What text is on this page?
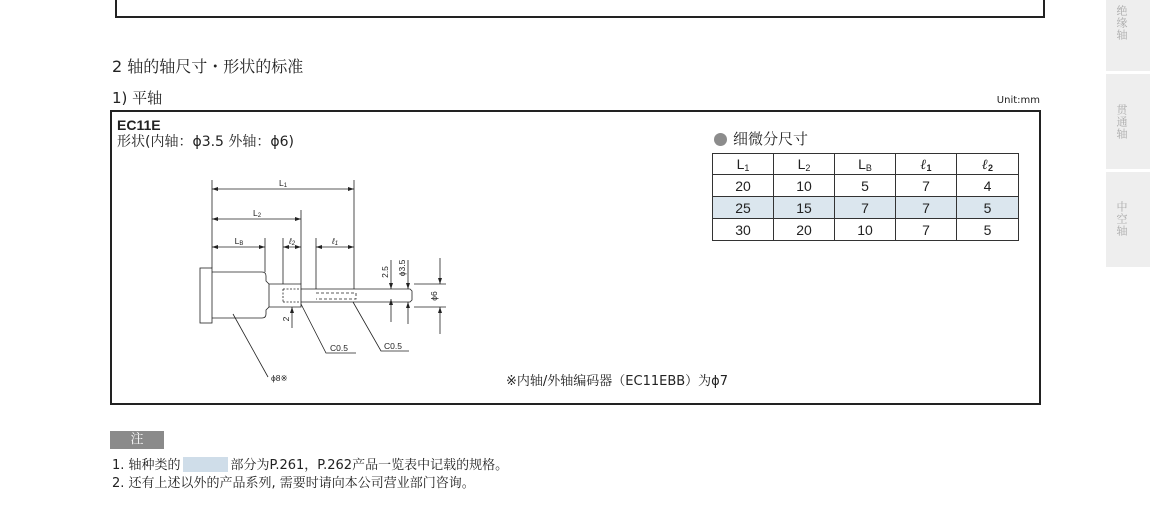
绝缘轴
贯通轴
中空轴
2 轴的轴尺寸・形状的标准
1) 平轴	Unit:mm
EC11E
形状(内轴：ϕ3.5 外轴：ϕ6)
L1
L2
LB	ℓ2	ℓ1
2.5 ϕ3.5
ϕ6
2
C0.5	C0.5
ϕ8※	※内轴/外轴编码器（EC11EBB）为ϕ7
细微分尺寸
$L_1$	$L_2$	$L_B$	ℓ$_1$	ℓ$_2$
20	10	5	7	4
25	15	7	7	5
30	20	10	7	5
注
1. 轴种类的	部分为P.261，P.262产品一览表中记载的规格。
2. 还有上述以外的产品系列, 需要时请向本公司营业部门咨询。
